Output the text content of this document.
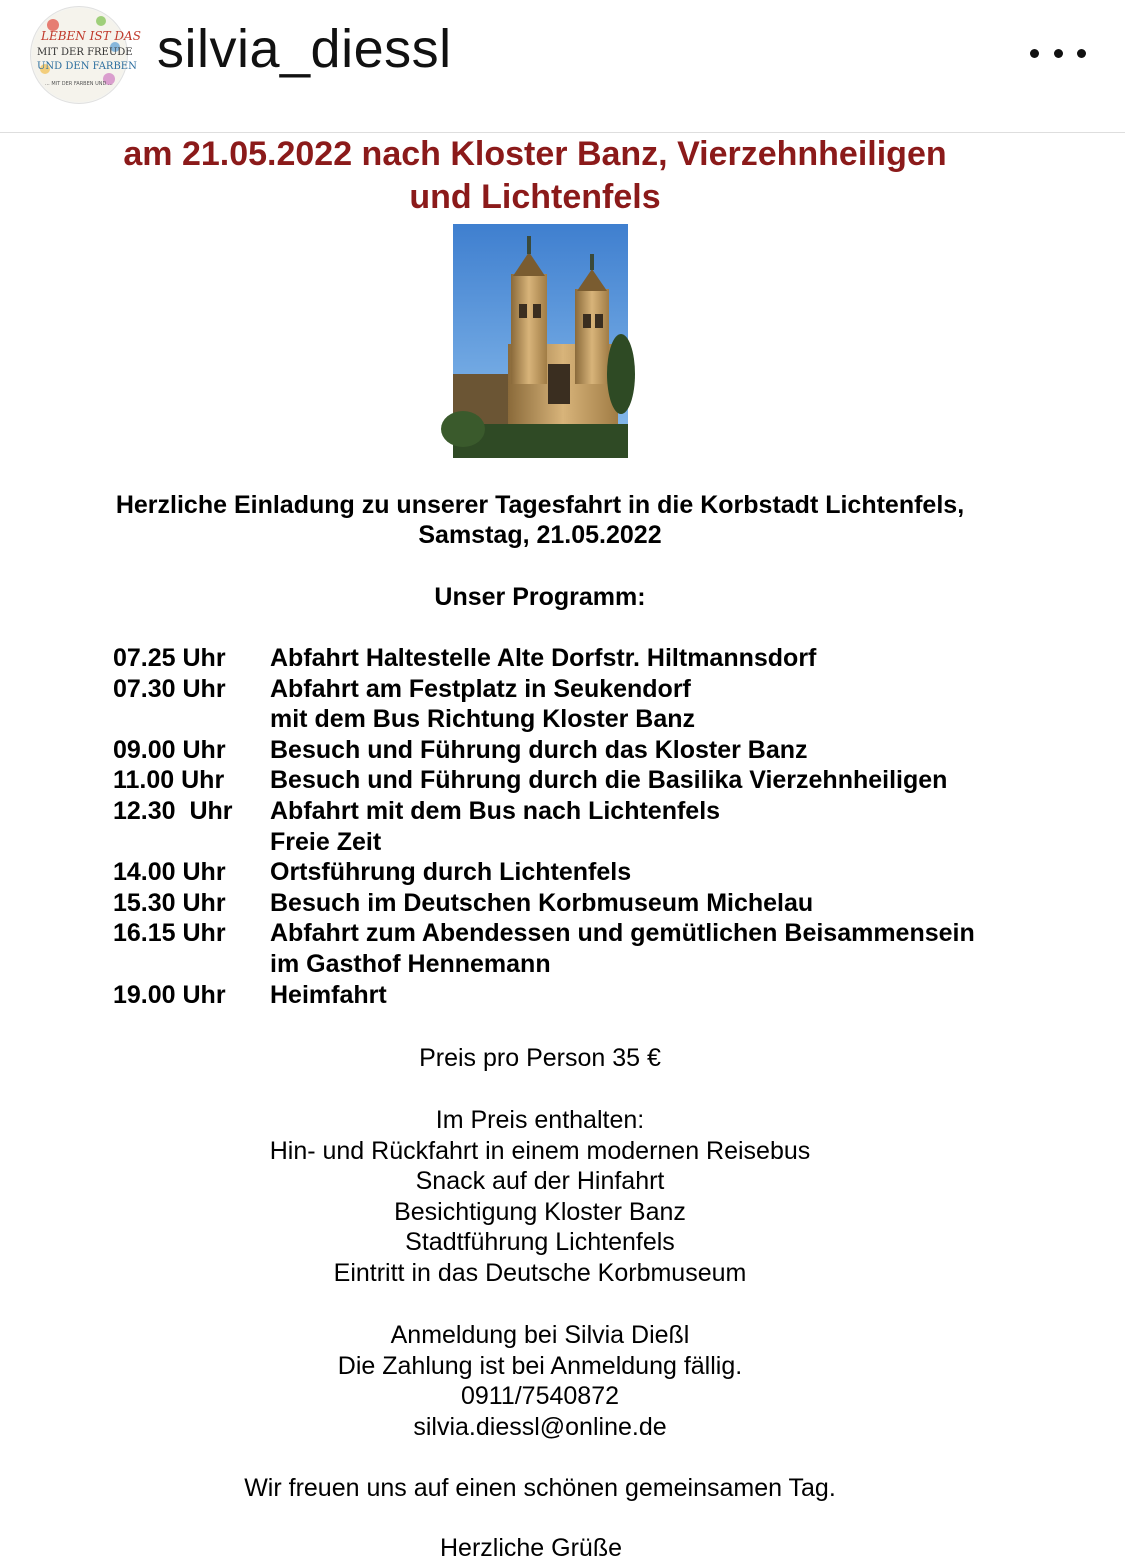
LEBEN IST DAS
MIT DER FREUDE
UND DEN FARBEN
... MIT DER FARBEN UND ...
silvia_diessl
am 21.05.2022 nach Kloster Banz, Vierzehnheiligen
und Lichtenfels
Herzliche Einladung zu unserer Tagesfahrt in die Korbstadt Lichtenfels,
Samstag, 21.05.2022
Unser Programm:
07.25 Uhr	Abfahrt Haltestelle Alte Dorfstr. Hiltmannsdorf
07.30 Uhr	Abfahrt am Festplatz in Seukendorf
mit dem Bus Richtung Kloster Banz
09.00 Uhr	Besuch und Führung durch das Kloster Banz
11.00 Uhr	Besuch und Führung durch die Basilika Vierzehnheiligen
12.30  Uhr	Abfahrt mit dem Bus nach Lichtenfels
Freie Zeit
14.00 Uhr	Ortsführung durch Lichtenfels
15.30 Uhr	Besuch im Deutschen Korbmuseum Michelau
16.15 Uhr	Abfahrt zum Abendessen und gemütlichen Beisammensein
im Gasthof Hennemann
19.00 Uhr	Heimfahrt
Preis pro Person 35 €
Im Preis enthalten:
Hin- und Rückfahrt in einem modernen Reisebus
Snack auf der Hinfahrt
Besichtigung Kloster Banz
Stadtführung Lichtenfels
Eintritt in das Deutsche Korbmuseum
Anmeldung bei Silvia Dießl
Die Zahlung ist bei Anmeldung fällig.
0911/7540872
silvia.diessl@online.de
Wir freuen uns auf einen schönen gemeinsamen Tag.
Herzliche Grüße
